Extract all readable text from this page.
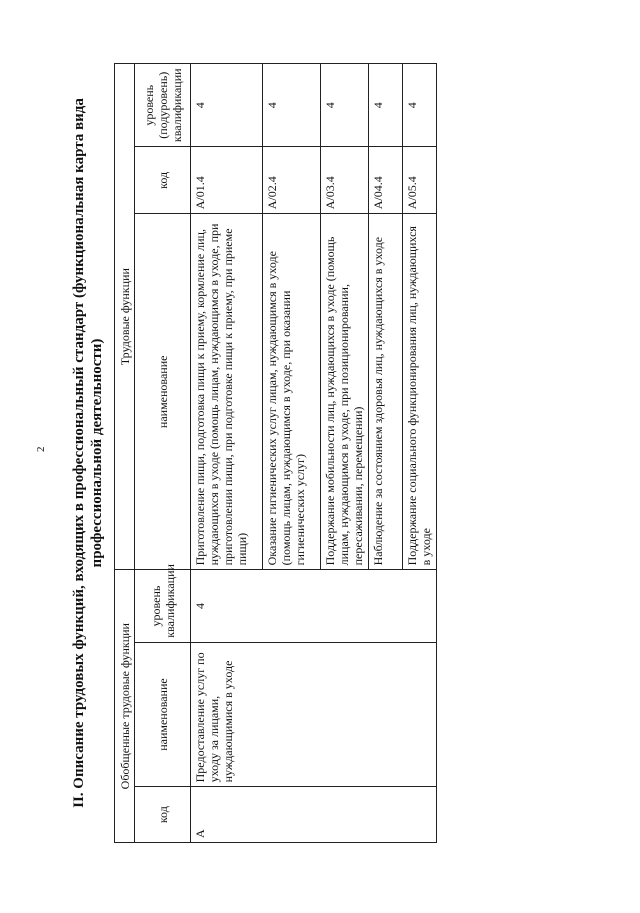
2 II. Описание трудовых функций, входящих в профессиональный стандарт (функциональная карта вида профессиональной деятельности)
Обобщенные трудовые функции			Трудовые функции		
код	наименование	уровень квалификации	наименование	код	уровень (подуровень) квалификации
А	Предоставление услуг по уходу за лицами, нуждающимися в уходе	4	Приготовление пищи, подготовка пищи к приему, кормление лиц, нуждающихся в уходе (помощь лицам, нуждающимся в уходе, при приготовлении пищи, при подготовке пищи к приему, при приеме пищи)	А/01.4	4
			Оказание гигиенических услуг лицам, нуждающимся в уходе (помощь лицам, нуждающимся в уходе, при оказании гигиенических услуг)	А/02.4	4
			Поддержание мобильности лиц, нуждающихся в уходе (помощь лицам, нуждающимся в уходе, при позиционировании, пересаживании, перемещении)	А/03.4	4
			Наблюдение за состоянием здоровья лиц, нуждающихся в уходе	А/04.4	4
			Поддержание социального функционирования лиц, нуждающихся в уходе	А/05.4	4
